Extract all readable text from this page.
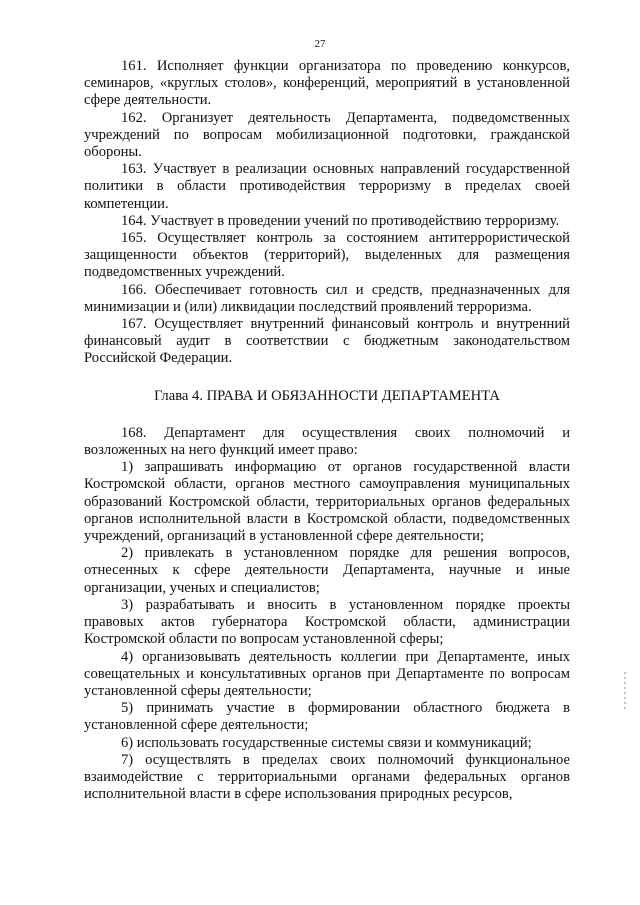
27

161. Исполняет функции организатора по проведению конкурсов, семинаров, «круглых столов», конференций, мероприятий в установленной сфере деятельности.

162. Организует деятельность Департамента, подведомственных учреждений по вопросам мобилизационной подготовки, гражданской обороны.

163. Участвует в реализации основных направлений государственной политики в области противодействия терроризму в пределах своей компетенции.

164. Участвует в проведении учений по противодействию терроризму.

165. Осуществляет контроль за состоянием антитеррористической защищенности объектов (территорий), выделенных для размещения подведомственных учреждений.

166. Обеспечивает готовность сил и средств, предназначенных для минимизации и (или) ликвидации последствий проявлений терроризма.

167. Осуществляет внутренний финансовый контроль и внутренний финансовый аудит в соответствии с бюджетным законодательством Российской Федерации.

Глава 4. ПРАВА И ОБЯЗАННОСТИ ДЕПАРТАМЕНТА

168. Департамент для осуществления своих полномочий и возложенных на него функций имеет право:

1) запрашивать информацию от органов государственной власти Костромской области, органов местного самоуправления муниципальных образований Костромской области, территориальных органов федеральных органов исполнительной власти в Костромской области, подведомственных учреждений, организаций в установленной сфере деятельности;

2) привлекать в установленном порядке для решения вопросов, отнесенных к сфере деятельности Департамента, научные и иные организации, ученых и специалистов;

3) разрабатывать и вносить в установленном порядке проекты правовых актов губернатора Костромской области, администрации Костромской области по вопросам установленной сферы;

4) организовывать деятельность коллегии при Департаменте, иных совещательных и консультативных органов при Департаменте по вопросам установленной сферы деятельности;

5) принимать участие в формировании областного бюджета в установленной сфере деятельности;

6) использовать государственные системы связи и коммуникаций;

7) осуществлять в пределах своих полномочий функциональное взаимодействие с территориальными органами федеральных органов исполнительной власти в сфере использования природных ресурсов,
